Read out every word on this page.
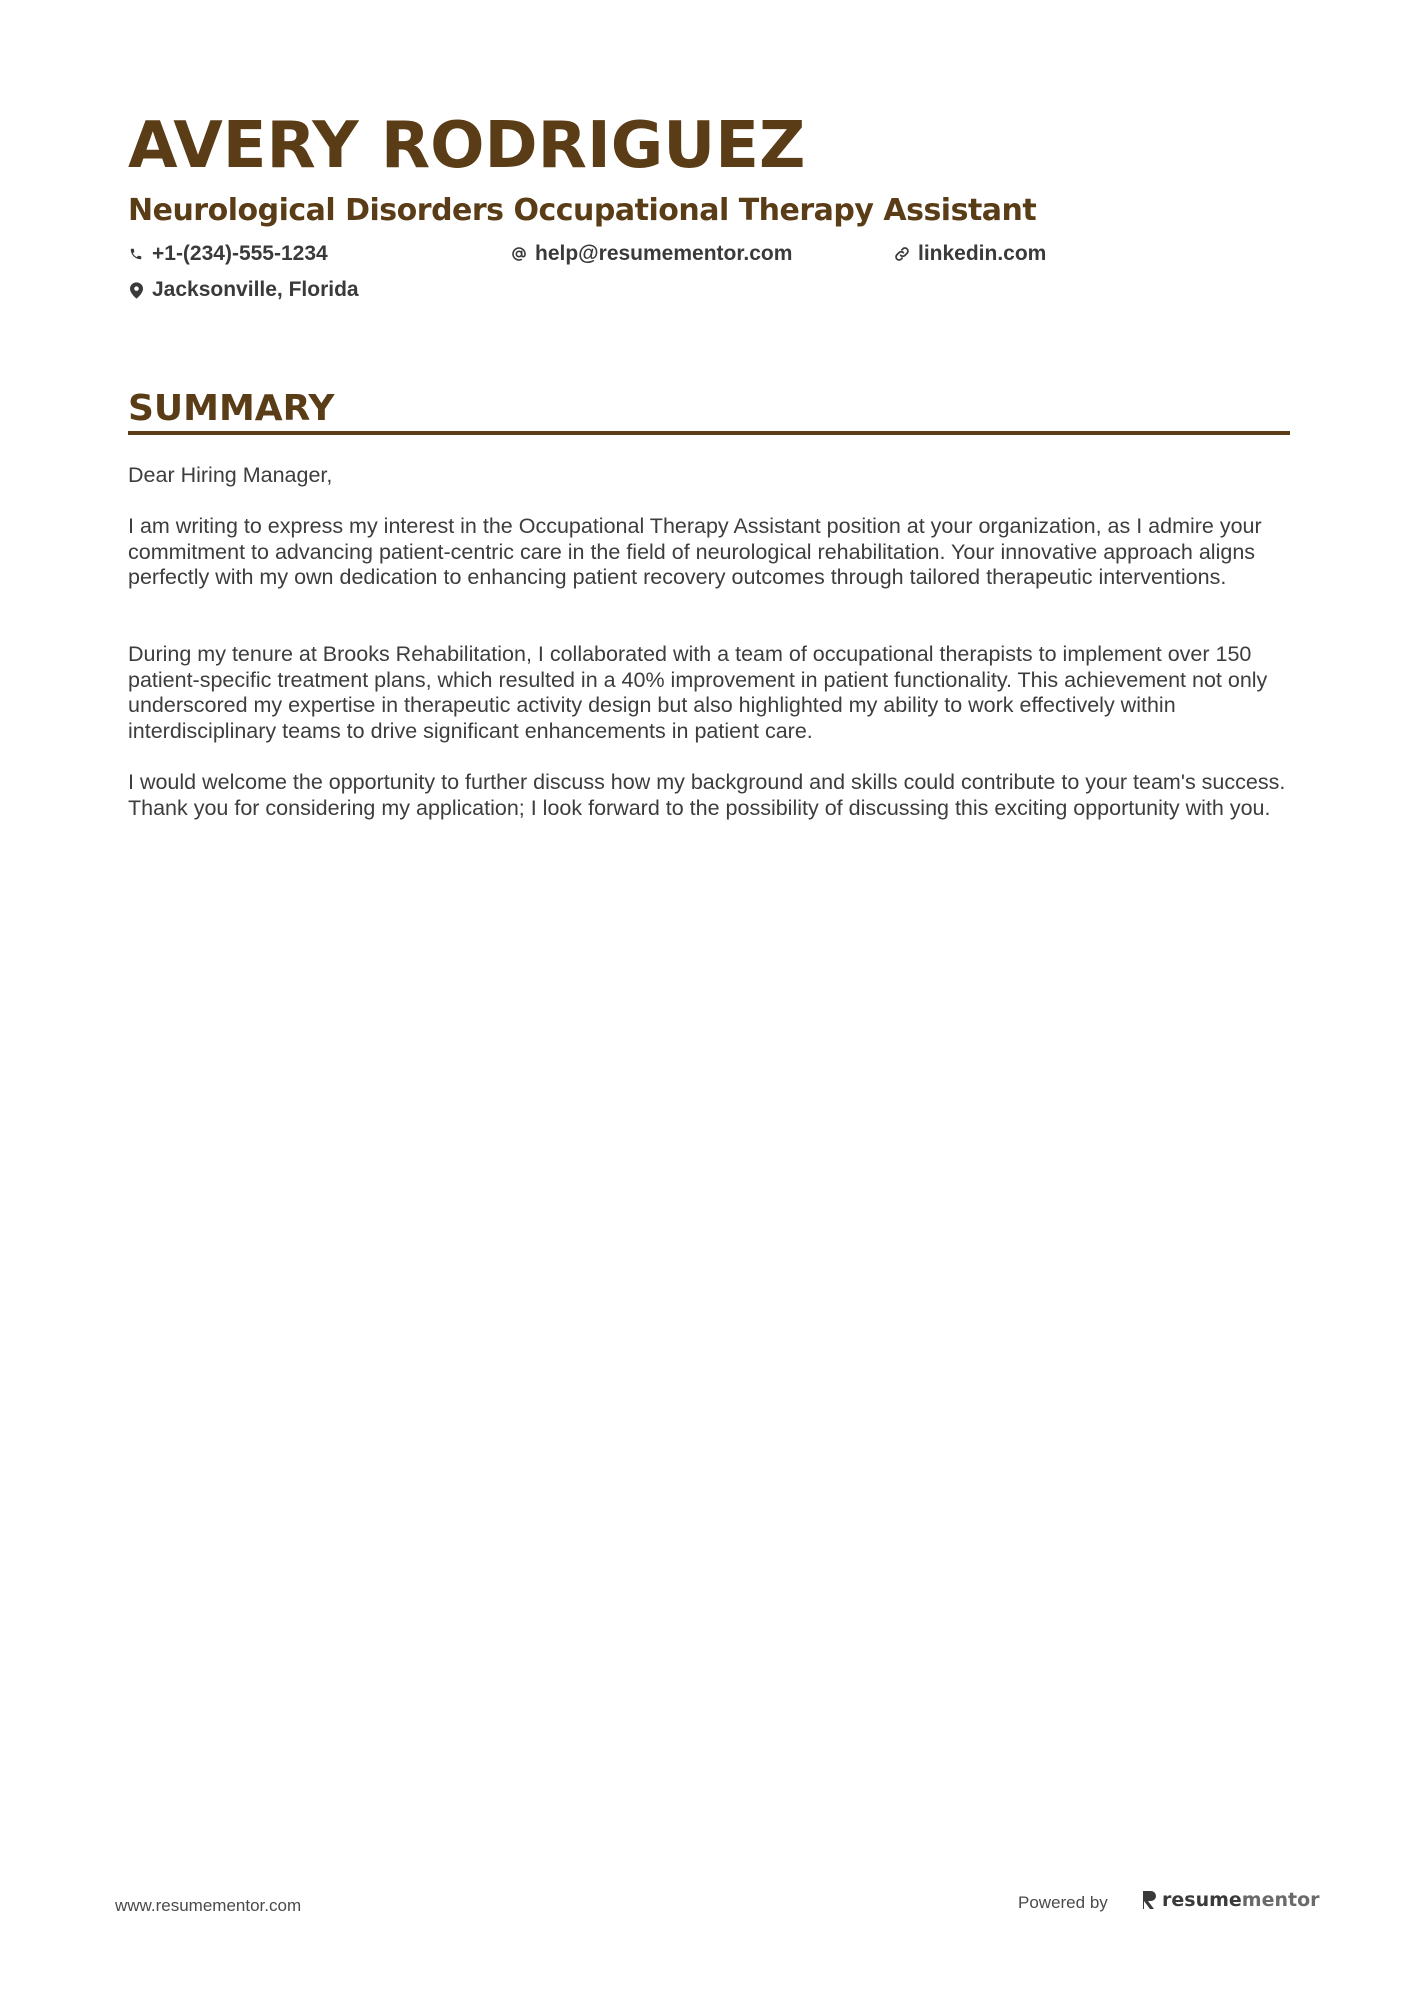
AVERY RODRIGUEZ
Neurological Disorders Occupational Therapy Assistant
+1-(234)-555-1234	help@resumementor.com	linkedin.com
Jacksonville, Florida
SUMMARY

Dear Hiring Manager,

I am writing to express my interest in the Occupational Therapy Assistant position at your organization, as I admire your commitment to advancing patient-centric care in the field of neurological rehabilitation. Your innovative approach aligns perfectly with my own dedication to enhancing patient recovery outcomes through tailored therapeutic interventions.

During my tenure at Brooks Rehabilitation, I collaborated with a team of occupational therapists to implement over 150 patient-specific treatment plans, which resulted in a 40% improvement in patient functionality. This achievement not only underscored my expertise in therapeutic activity design but also highlighted my ability to work effectively within interdisciplinary teams to drive significant enhancements in patient care.

I would welcome the opportunity to further discuss how my background and skills could contribute to your team's success. Thank you for considering my application; I look forward to the possibility of discussing this exciting opportunity with you.

www.resumementor.com	Powered by	resume mentor
